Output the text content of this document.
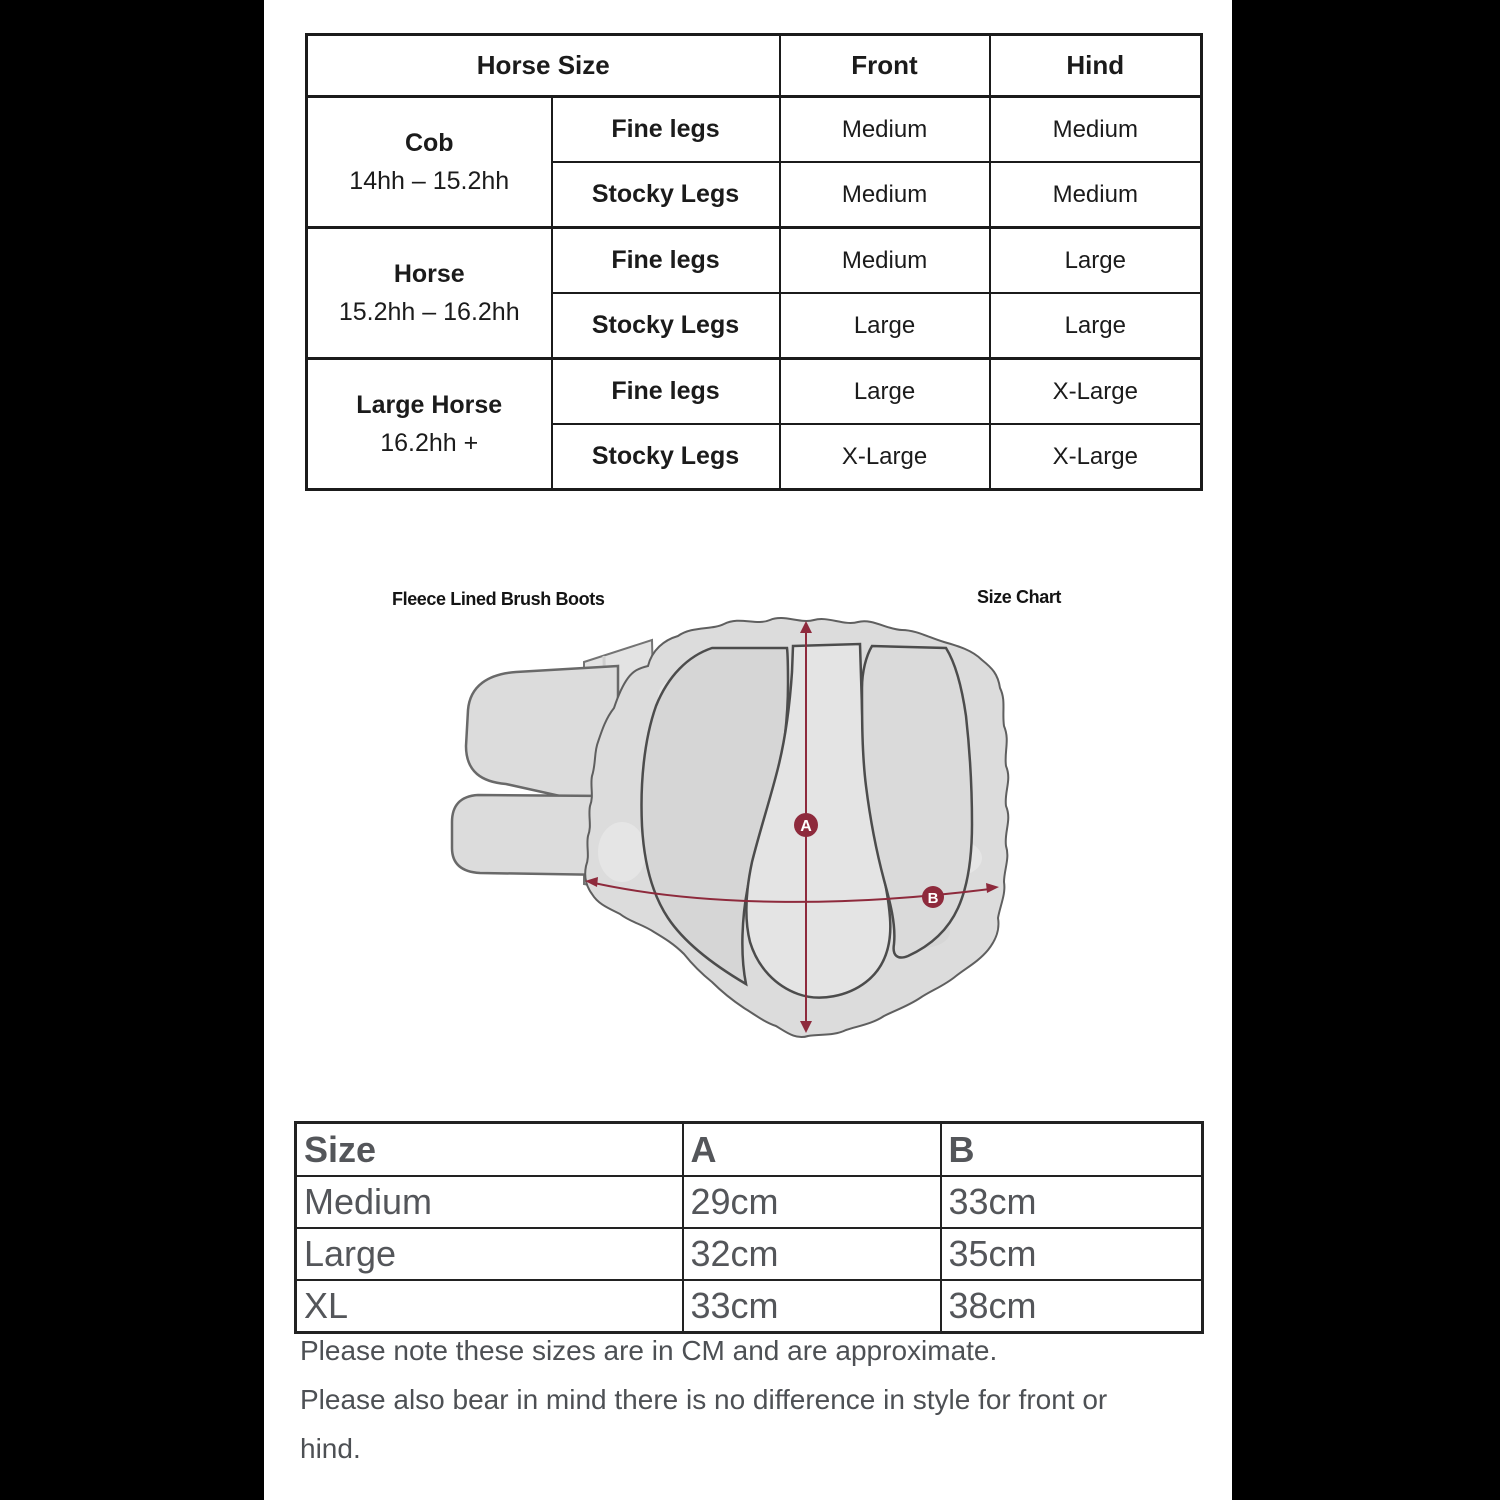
Horse Size		Front	Hind

Cob
14hh – 15.2hh	Fine legs	Medium	Medium
	Stocky Legs	Medium	Medium

Horse
15.2hh – 16.2hh	Fine legs	Medium	Large
	Stocky Legs	Large	Large

Large Horse
16.2hh +	Fine legs	Large	X-Large
	Stocky Legs	X-Large	X-Large
Fleece Lined Brush Boots	Size Chart
A
B
Size	A	B
Medium	29cm	33cm
Large	32cm	35cm
XL	33cm	38cm
Please note these sizes are in CM and are approximate.
Please also bear in mind there is no difference in style for front or
hind.
